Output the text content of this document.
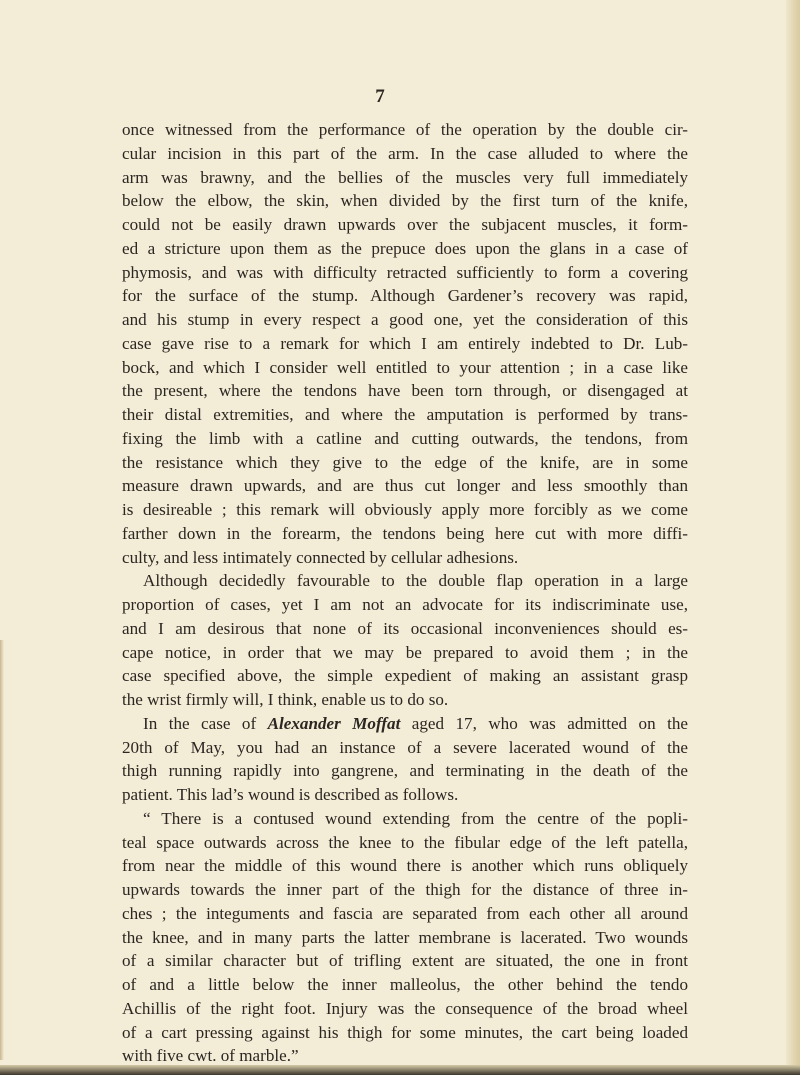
7
once witnessed from the performance of the operation by the double cir-
cular incision in this part of the arm. In the case alluded to where the
arm was brawny, and the bellies of the muscles very full immediately
below the elbow, the skin, when divided by the first turn of the knife,
could not be easily drawn upwards over the subjacent muscles, it form-
ed a stricture upon them as the prepuce does upon the glans in a case of
phymosis, and was with difficulty retracted sufficiently to form a covering
for the surface of the stump. Although Gardener’s recovery was rapid,
and his stump in every respect a good one, yet the consideration of this
case gave rise to a remark for which I am entirely indebted to Dr. Lub-
bock, and which I consider well entitled to your attention ; in a case like
the present, where the tendons have been torn through, or disengaged at
their distal extremities, and where the amputation is performed by trans-
fixing the limb with a catline and cutting outwards, the tendons, from
the resistance which they give to the edge of the knife, are in some
measure drawn upwards, and are thus cut longer and less smoothly than
is desireable ; this remark will obviously apply more forcibly as we come
farther down in the forearm, the tendons being here cut with more diffi-
culty, and less intimately connected by cellular adhesions.
Although decidedly favourable to the double flap operation in a large
proportion of cases, yet I am not an advocate for its indiscriminate use,
and I am desirous that none of its occasional inconveniences should es-
cape notice, in order that we may be prepared to avoid them ; in the
case specified above, the simple expedient of making an assistant grasp
the wrist firmly will, I think, enable us to do so.
In the case of Alexander Moffat aged 17, who was admitted on the
20th of May, you had an instance of a severe lacerated wound of the
thigh running rapidly into gangrene, and terminating in the death of the
patient. This lad’s wound is described as follows.
“ There is a contused wound extending from the centre of the popli-
teal space outwards across the knee to the fibular edge of the left patella,
from near the middle of this wound there is another which runs obliquely
upwards towards the inner part of the thigh for the distance of three in-
ches ; the integuments and fascia are separated from each other all around
the knee, and in many parts the latter membrane is lacerated. Two wounds
of a similar character but of trifling extent are situated, the one in front
of and a little below the inner malleolus, the other behind the tendo
Achillis of the right foot. Injury was the consequence of the broad wheel
of a cart pressing against his thigh for some minutes, the cart being loaded
with five cwt. of marble.”
